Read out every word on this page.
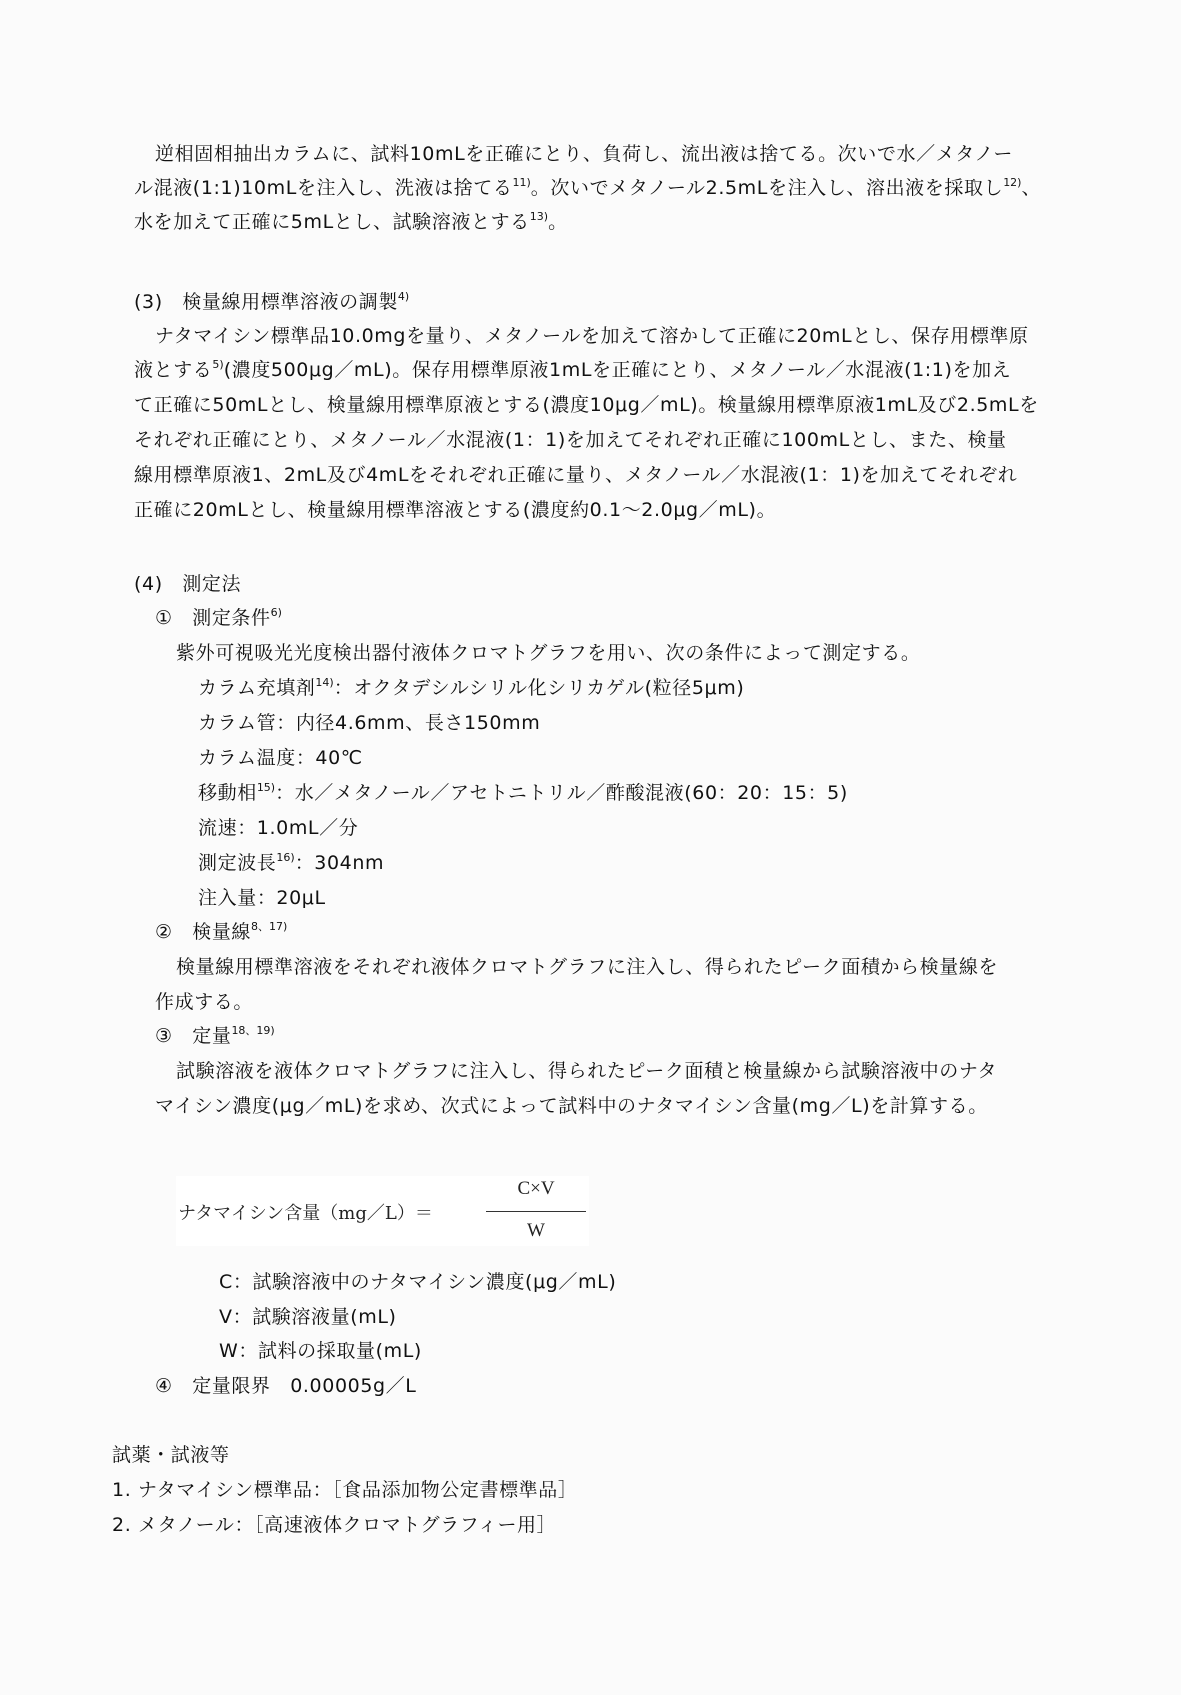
逆相固相抽出カラムに、試料10mLを正確にとり、負荷し、流出液は捨てる。次いで水／メタノー
ル混液(1:1)10mLを注入し、洗液は捨てる$^{11)}$。次いでメタノール2.5mLを注入し、溶出液を採取し$^{12)}$、
水を加えて正確に5mLとし、試験溶液とする$^{13)}$。
(3)　検量線用標準溶液の調製$^{4)}$
ナタマイシン標準品10.0mgを量り、メタノールを加えて溶かして正確に20mLとし、保存用標準原
液とする$^{5)}$(濃度500μg／mL)。保存用標準原液1mLを正確にとり、メタノール／水混液(1:1)を加え
て正確に50mLとし、検量線用標準原液とする(濃度10μg／mL)。検量線用標準原液1mL及び2.5mLを
それぞれ正確にとり、メタノール／水混液(1：1)を加えてそれぞれ正確に100mLとし、また、検量
線用標準原液1、2mL及び4mLをそれぞれ正確に量り、メタノール／水混液(1：1)を加えてそれぞれ
正確に20mLとし、検量線用標準溶液とする(濃度約0.1～2.0μg／mL)。
(4)　測定法
①　測定条件$^{6)}$
紫外可視吸光光度検出器付液体クロマトグラフを用い、次の条件によって測定する。
カラム充填剤$^{14)}$：オクタデシルシリル化シリカゲル(粒径5μm)
カラム管：内径4.6mm、長さ150mm
カラム温度：40℃
移動相$^{15)}$：水／メタノール／アセトニトリル／酢酸混液(60：20：15：5)
流速：1.0mL／分
測定波長$^{16)}$：304nm
注入量：20μL
②　検量線$^{8、17)}$
検量線用標準溶液をそれぞれ液体クロマトグラフに注入し、得られたピーク面積から検量線を
作成する。
③　定量$^{18、19)}$
試験溶液を液体クロマトグラフに注入し、得られたピーク面積と検量線から試験溶液中のナタ
マイシン濃度(μg／mL)を求め、次式によって試料中のナタマイシン含量(mg／L)を計算する。
ナタマイシン含量（mg／L）＝
C×V
W
C：試験溶液中のナタマイシン濃度(μg／mL)
V：試験溶液量(mL)
W：試料の採取量(mL)
④　定量限界　0.00005g／L
試薬・試液等
1. ナタマイシン標準品：［食品添加物公定書標準品］
2. メタノール：［高速液体クロマトグラフィー用］
